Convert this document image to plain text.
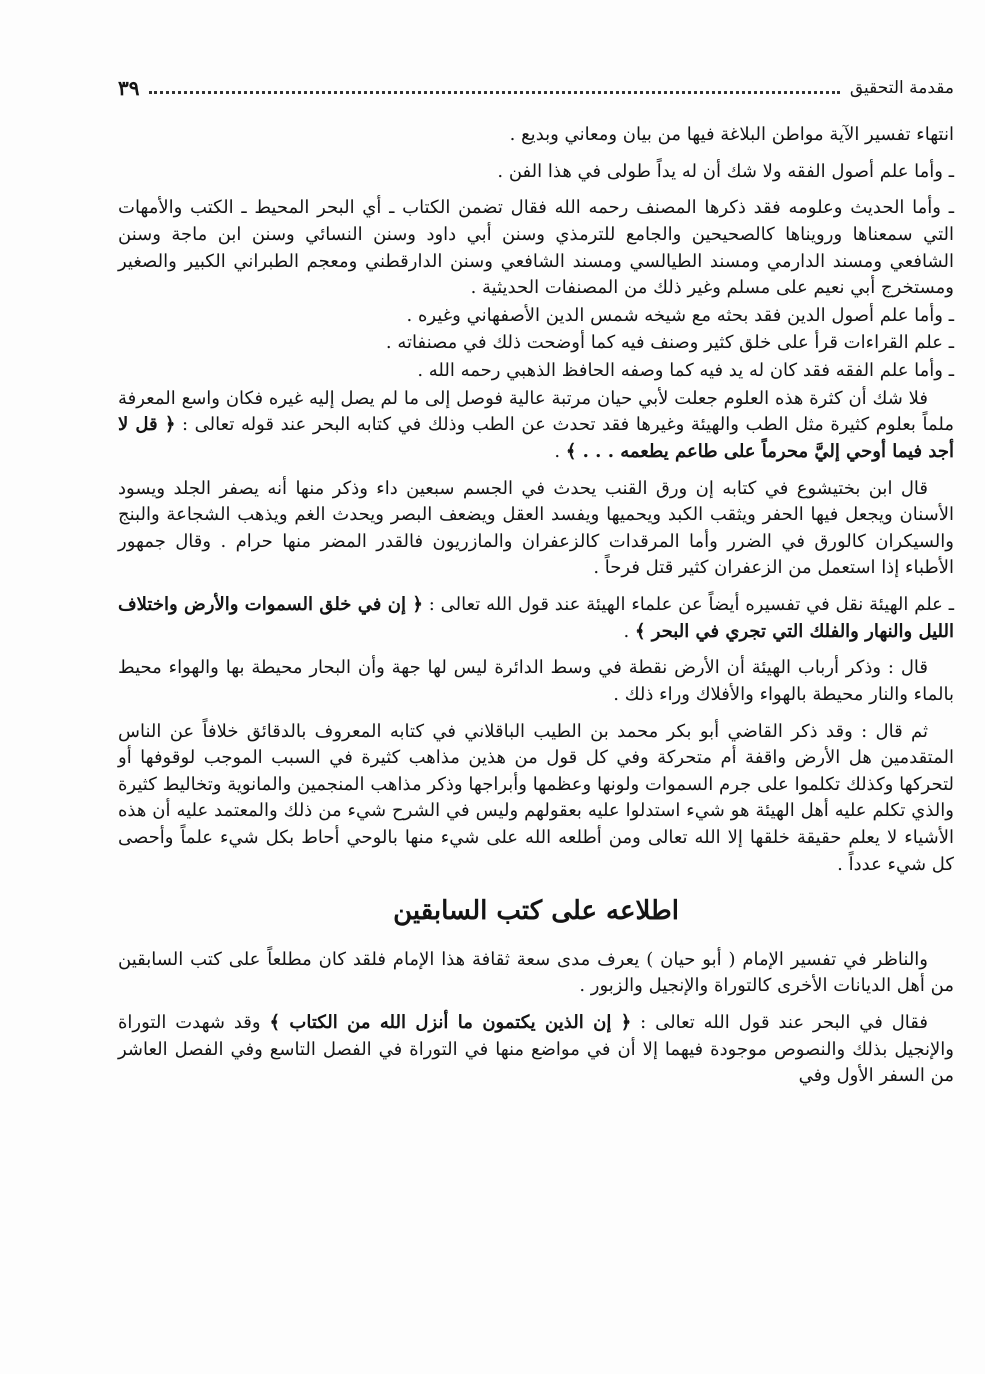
مقدمة التحقيق
٣٩

انتهاء تفسير الآية مواطن البلاغة فيها من بيان ومعاني وبديع .

ـ وأما علم أصول الفقه ولا شك أن له يداً طولى في هذا الفن .

ـ وأما الحديث وعلومه فقد ذكرها المصنف رحمه الله فقال تضمن الكتاب ـ أي البحر المحيط ـ الكتب والأمهات التي سمعناها ورويناها كالصحيحين والجامع للترمذي وسنن أبي داود وسنن النسائي وسنن ابن ماجة وسنن الشافعي ومسند الدارمي ومسند الطيالسي ومسند الشافعي وسنن الدارقطني ومعجم الطبراني الكبير والصغير ومستخرج أبي نعيم على مسلم وغير ذلك من المصنفات الحديثية .

ـ وأما علم أصول الدين فقد بحثه مع شيخه شمس الدين الأصفهاني وغيره .

ـ علم القراءات قرأ على خلق كثير وصنف فيه كما أوضحت ذلك في مصنفاته .

ـ وأما علم الفقه فقد كان له يد فيه كما وصفه الحافظ الذهبي رحمه الله .

فلا شك أن كثرة هذه العلوم جعلت لأبي حيان مرتبة عالية فوصل إلى ما لم يصل إليه غيره فكان واسع المعرفة ملماً بعلوم كثيرة مثل الطب والهيئة وغيرها فقد تحدث عن الطب وذلك في كتابه البحر عند قوله تعالى : ﴿ قل لا أجد فيما أوحي إليَّ محرماً على طاعم يطعمه . . . ﴾ .

قال ابن بختيشوع في كتابه إن ورق القنب يحدث في الجسم سبعين داء وذكر منها أنه يصفر الجلد ويسود الأسنان ويجعل فيها الحفر ويثقب الكبد ويحميها ويفسد العقل ويضعف البصر ويحدث الغم ويذهب الشجاعة والبنج والسيكران كالورق في الضرر وأما المرقدات كالزعفران والمازريون فالقدر المضر منها حرام . وقال جمهور الأطباء إذا استعمل من الزعفران كثير قتل فرحاً .

ـ علم الهيئة نقل في تفسيره أيضاً عن علماء الهيئة عند قول الله تعالى : ﴿ إن في خلق السموات والأرض واختلاف الليل والنهار والفلك التي تجري في البحر ﴾ .

قال : وذكر أرباب الهيئة أن الأرض نقطة في وسط الدائرة ليس لها جهة وأن البحار محيطة بها والهواء محيط بالماء والنار محيطة بالهواء والأفلاك وراء ذلك .

ثم قال : وقد ذكر القاضي أبو بكر محمد بن الطيب الباقلاني في كتابه المعروف بالدقائق خلافاً عن الناس المتقدمين هل الأرض واقفة أم متحركة وفي كل قول من هذين مذاهب كثيرة في السبب الموجب لوقوفها أو لتحركها وكذلك تكلموا على جرم السموات ولونها وعظمها وأبراجها وذكر مذاهب المنجمين والمانوية وتخاليط كثيرة والذي تكلم عليه أهل الهيئة هو شيء استدلوا عليه بعقولهم وليس في الشرح شيء من ذلك والمعتمد عليه أن هذه الأشياء لا يعلم حقيقة خلقها إلا الله تعالى ومن أطلعه الله على شيء منها بالوحي أحاط بكل شيء علماً وأحصى كل شيء عدداً .

اطلاعه على كتب السابقين

والناظر في تفسير الإمام ( أبو حيان ) يعرف مدى سعة ثقافة هذا الإمام فلقد كان مطلعاً على كتب السابقين من أهل الديانات الأخرى كالتوراة والإنجيل والزبور .

فقال في البحر عند قول الله تعالى : ﴿ إن الذين يكتمون ما أنزل الله من الكتاب ﴾ وقد شهدت التوراة والإنجيل بذلك والنصوص موجودة فيهما إلا أن في مواضع منها في التوراة في الفصل التاسع وفي الفصل العاشر من السفر الأول وفي
